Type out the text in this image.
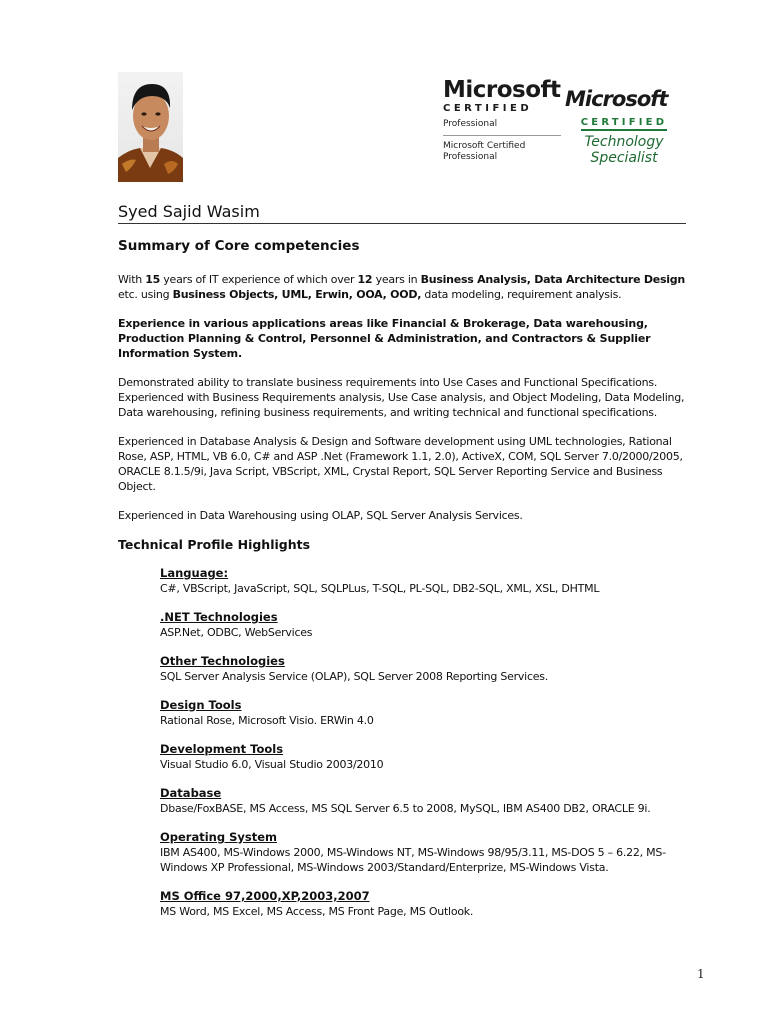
Microsoft
CERTIFIED
Professional
Microsoft Certified
Professional
Microsoft
CERTIFIED
Technology
Specialist
Syed Sajid Wasim
Summary of Core competencies
With 15 years of IT experience of which over 12 years in Business Analysis, Data Architecture Design etc. using Business Objects, UML, Erwin, OOA, OOD, data modeling, requirement analysis.
Experience in various applications areas like Financial & Brokerage, Data warehousing, Production Planning & Control, Personnel & Administration, and Contractors & Supplier Information System.
Demonstrated ability to translate business requirements into Use Cases and Functional Specifications. Experienced with Business Requirements analysis, Use Case analysis, and Object Modeling, Data Modeling, Data warehousing, refining business requirements, and writing technical and functional specifications.
Experienced in Database Analysis & Design and Software development using UML technologies, Rational Rose, ASP, HTML, VB 6.0, C# and ASP .Net (Framework 1.1, 2.0), ActiveX, COM, SQL Server 7.0/2000/2005, ORACLE 8.1.5/9i, Java Script, VBScript, XML, Crystal Report, SQL Server Reporting Service and Business Object.
Experienced in Data Warehousing using OLAP, SQL Server Analysis Services.
Technical Profile Highlights
Language:
C#, VBScript, JavaScript, SQL, SQLPLus, T-SQL, PL-SQL, DB2-SQL, XML, XSL, DHTML
.NET Technologies
ASP.Net, ODBC, WebServices
Other Technologies
SQL Server Analysis Service (OLAP), SQL Server 2008 Reporting Services.
Design Tools
Rational Rose, Microsoft Visio. ERWin 4.0
Development Tools
Visual Studio 6.0, Visual Studio 2003/2010
Database
Dbase/FoxBASE, MS Access, MS SQL Server 6.5 to 2008, MySQL, IBM AS400 DB2, ORACLE 9i.
Operating System
IBM AS400, MS-Windows 2000, MS-Windows NT, MS-Windows 98/95/3.11, MS-DOS 5 – 6.22, MS-Windows XP Professional, MS-Windows 2003/Standard/Enterprize, MS-Windows Vista.
MS Office 97,2000,XP,2003,2007
MS Word, MS Excel, MS Access, MS Front Page, MS Outlook.
1
